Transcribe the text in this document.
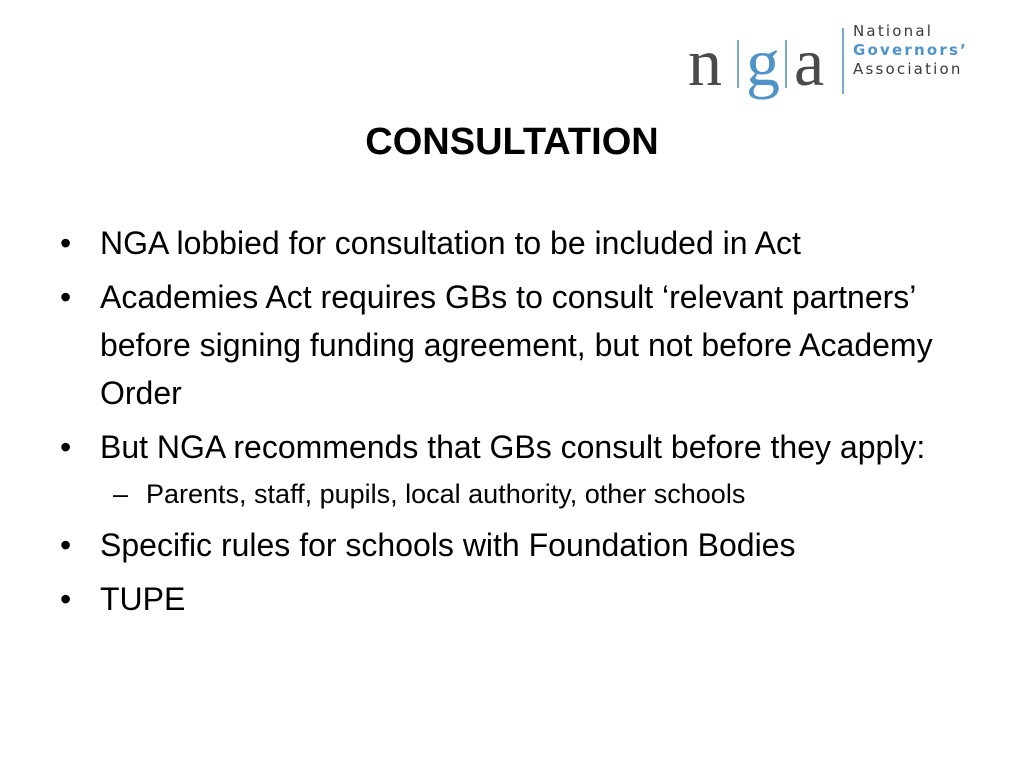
n g a National
Governors’
Association
CONSULTATION
• NGA lobbied for consultation to be included in Act
• Academies Act requires GBs to consult ‘relevant partners’ before signing funding agreement, but not before Academy Order
• But NGA recommends that GBs consult before they apply:
– Parents, staff, pupils, local authority, other schools
• Specific rules for schools with Foundation Bodies
• TUPE
